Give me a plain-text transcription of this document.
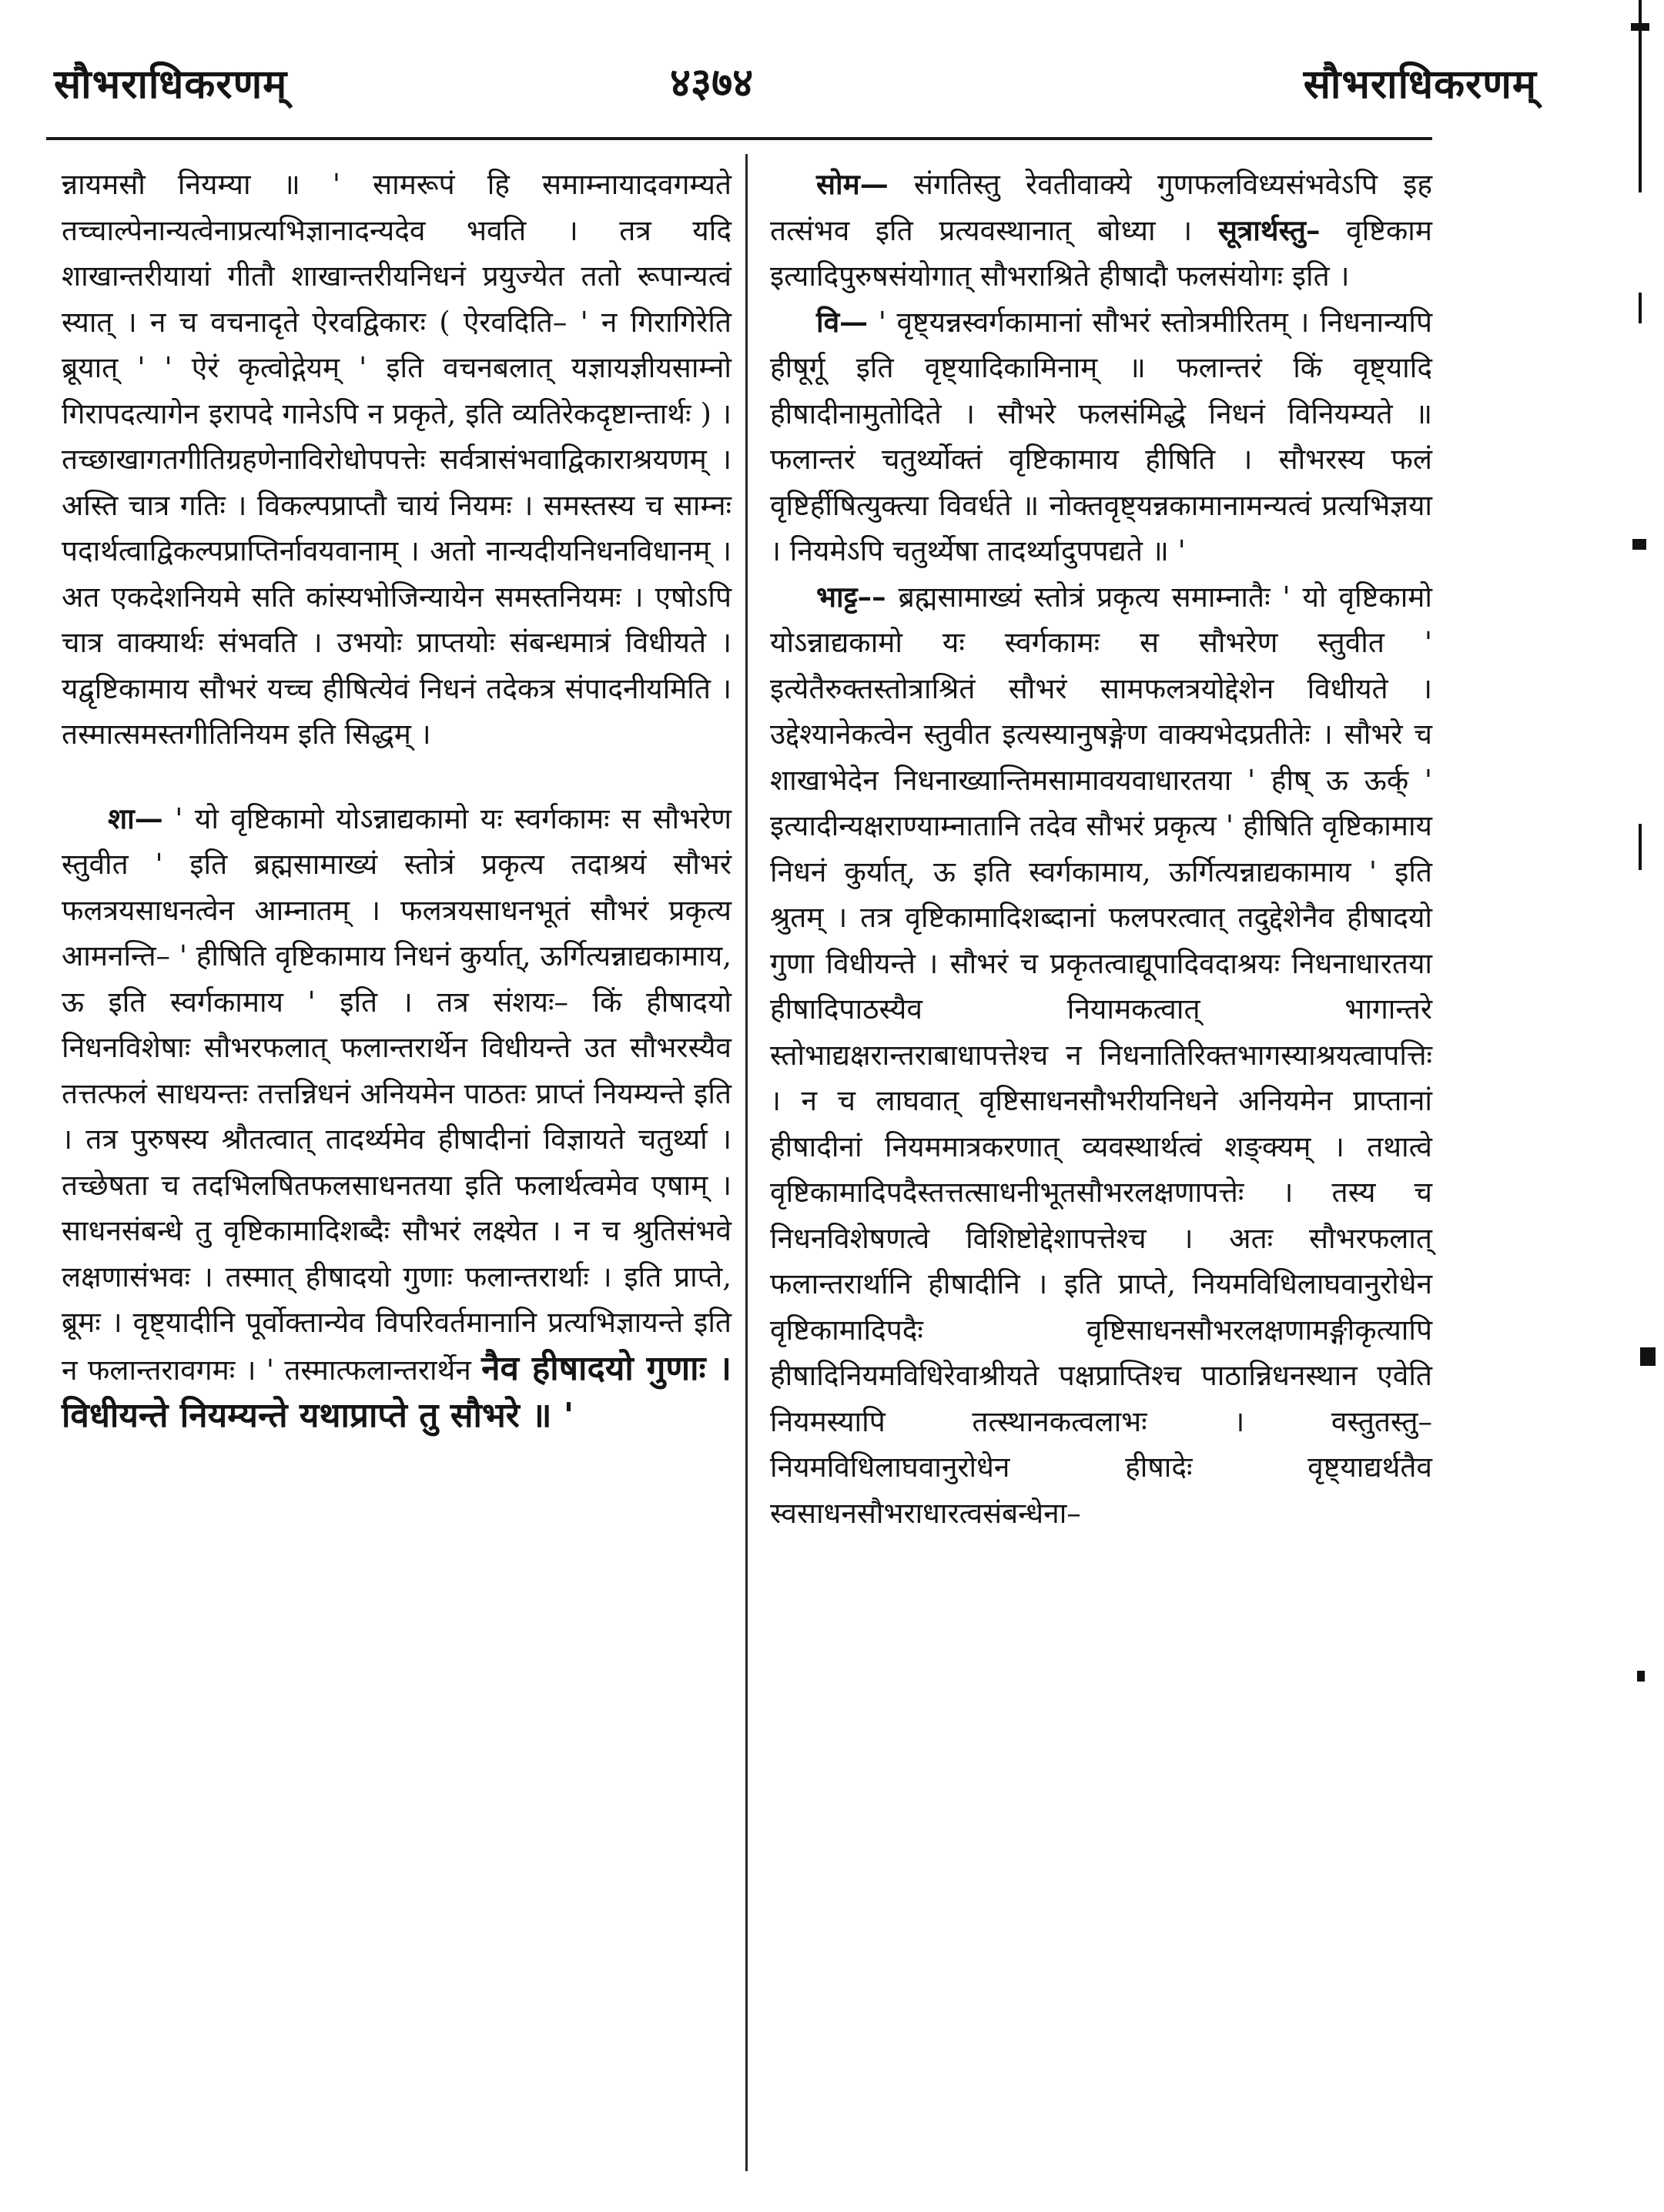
सौभराधिकरणम्	४३७४	सौभराधिकरणम्

न्नायमसौ नियम्या ॥ ' सामरूपं हि समाम्नायादवगम्यते तच्चाल्पेनान्यत्वेनाप्रत्यभिज्ञानादन्यदेव भवति । तत्र यदि शाखान्तरीयायां गीतौ शाखान्तरीयनिधनं प्रयुज्येत ततो रूपान्यत्वं स्यात् । न च वचनादृते ऐरवद्विकारः ( ऐरवदिति– ' न गिरागिरेति ब्रूयात् ' ' ऐरं कृत्वोद्गेयम् ' इति वचनबलात् यज्ञायज्ञीयसाम्नो गिरापदत्यागेन इरापदे गानेऽपि न प्रकृते, इति व्यतिरेकदृष्टान्तार्थः ) । तच्छाखागतगीतिग्रहणेनाविरोधोपपत्तेः सर्वत्रासंभवाद्विकाराश्रयणम् । अस्ति चात्र गतिः । विकल्पप्राप्तौ चायं नियमः । समस्तस्य च साम्नः पदार्थत्वाद्विकल्पप्राप्तिर्नावयवानाम् । अतो नान्यदीयनिधनविधानम् । अत एकदेशनियमे सति कांस्यभोजिन्यायेन समस्तनियमः । एषोऽपि चात्र वाक्यार्थः संभवति । उभयोः प्राप्तयोः संबन्धमात्रं विधीयते । यद्वृष्टिकामाय सौभरं यच्च हीषित्येवं निधनं तदेकत्र संपादनीयमिति । तस्मात्समस्तगीतिनियम इति सिद्धम् ।

शा— ' यो वृष्टिकामो योऽन्नाद्यकामो यः स्वर्गकामः स सौभरेण स्तुवीत ' इति ब्रह्मसामाख्यं स्तोत्रं प्रकृत्य तदाश्रयं सौभरं फलत्रयसाधनत्वेन आम्नातम् । फलत्रयसाधनभूतं सौभरं प्रकृत्य आमनन्ति– ' हीषिति वृष्टिकामाय निधनं कुर्यात्, ऊर्गित्यन्नाद्यकामाय, ऊ इति स्वर्गकामाय ' इति । तत्र संशयः– किं हीषादयो निधनविशेषाः सौभरफलात् फलान्तरार्थेन विधीयन्ते उत सौभरस्यैव तत्तत्फलं साधयन्तः तत्तन्निधनं अनियमेन पाठतः प्राप्तं नियम्यन्ते इति । तत्र पुरुषस्य श्रौतत्वात् तादर्थ्यमेव हीषादीनां विज्ञायते चतुर्थ्या । तच्छेषता च तदभिलषितफलसाधनतया इति फलार्थत्वमेव एषाम् । साधनसंबन्धे तु वृष्टिकामादिशब्दैः सौभरं लक्ष्येत । न च श्रुतिसंभवे लक्षणासंभवः । तस्मात् हीषादयो गुणाः फलान्तरार्थाः । इति प्राप्ते, ब्रूमः । वृष्ट्यादीनि पूर्वोक्तान्येव विपरिवर्तमानानि प्रत्यभिज्ञायन्ते इति न फलान्तरावगमः । ' तस्मात्फलान्तरार्थेन नैव हीषादयो गुणाः । विधीयन्ते नियम्यन्ते यथाप्राप्ते तु सौभरे ॥ '

सोम— संगतिस्तु रेवतीवाक्ये गुणफलविध्यसंभवेऽपि इह तत्संभव इति प्रत्यवस्थानात् बोध्या । सूत्रार्थस्तु– वृष्टिकाम इत्यादिपुरुषसंयोगात् सौभराश्रिते हीषादौ फलसंयोगः इति ।

वि— ' वृष्ट्यन्नस्वर्गकामानां सौभरं स्तोत्रमीरितम् । निधनान्यपि हीषूर्गू इति वृष्ट्यादिकामिनाम् ॥ फलान्तरं किं वृष्ट्यादि हीषादीनामुतोदिते । सौभरे फलसंमिद्धे निधनं विनियम्यते ॥ फलान्तरं चतुर्थ्योक्तं वृष्टिकामाय हीषिति । सौभरस्य फलं वृष्टिर्हीषित्युक्त्या विवर्धते ॥ नोक्तवृष्ट्यन्नकामानामन्यत्वं प्रत्यभिज्ञया । नियमेऽपि चतुर्थ्येषा तादर्थ्यादुपपद्यते ॥ '

भाट्ट–– ब्रह्मसामाख्यं स्तोत्रं प्रकृत्य समाम्नातैः ' यो वृष्टिकामो योऽन्नाद्यकामो यः स्वर्गकामः स सौभरेण स्तुवीत ' इत्येतैरुक्तस्तोत्राश्रितं सौभरं सामफलत्रयोद्देशेन विधीयते । उद्देश्यानेकत्वेन स्तुवीत इत्यस्यानुषङ्गेण वाक्यभेदप्रतीतेः । सौभरे च शाखाभेदेन निधनाख्यान्तिमसामावयवाधारतया ' हीष् ऊ ऊर्क् ' इत्यादीन्यक्षराण्याम्नातानि तदेव सौभरं प्रकृत्य ' हीषिति वृष्टिकामाय निधनं कुर्यात्, ऊ इति स्वर्गकामाय, ऊर्गित्यन्नाद्यकामाय ' इति श्रुतम् । तत्र वृष्टिकामादिशब्दानां फलपरत्वात् तदुद्देशेनैव हीषादयो गुणा विधीयन्ते । सौभरं च प्रकृतत्वाद्यूपादिवदाश्रयः निधनाधारतया हीषादिपाठस्यैव नियामकत्वात् भागान्तरे स्तोभाद्यक्षरान्तराबाधापत्तेश्च न निधनातिरिक्तभागस्याश्रयत्वापत्तिः । न च लाघवात् वृष्टिसाधनसौभरीयनिधने अनियमेन प्राप्तानां हीषादीनां नियममात्रकरणात् व्यवस्थार्थत्वं शङ्क्यम् । तथात्वे वृष्टिकामादिपदैस्तत्तत्साधनीभूतसौभरलक्षणापत्तेः । तस्य च निधनविशेषणत्वे विशिष्टोद्देशापत्तेश्च । अतः सौभरफलात् फलान्तरार्थानि हीषादीनि । इति प्राप्ते, नियमविधिलाघवानुरोधेन वृष्टिकामादिपदैः वृष्टिसाधनसौभरलक्षणामङ्गीकृत्यापि हीषादिनियमविधिरेवाश्रीयते पक्षप्राप्तिश्च पाठान्निधनस्थान एवेति नियमस्यापि तत्स्थानकत्वलाभः । वस्तुतस्तु– नियमविधिलाघवानुरोधेन हीषादेः वृष्ट्याद्यर्थतैव स्वसाधनसौभराधारत्वसंबन्धेना–
